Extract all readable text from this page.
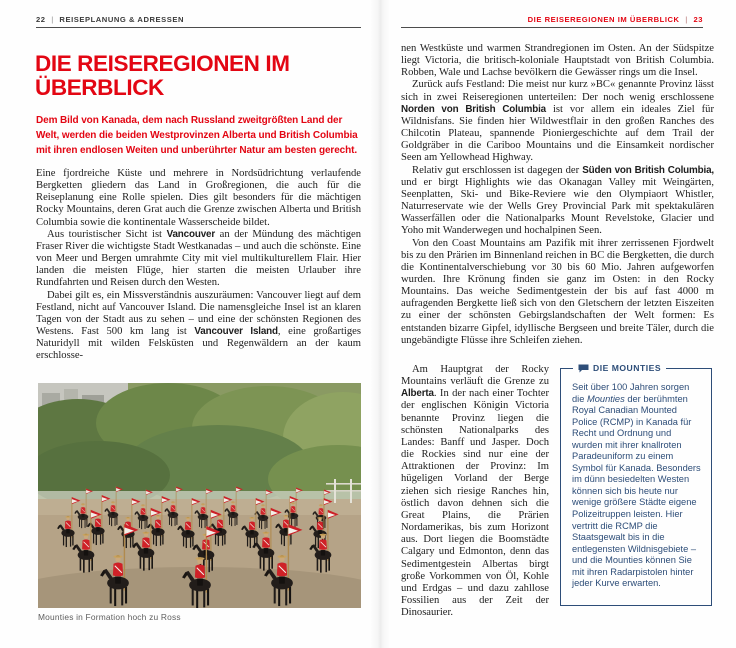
22 | REISEPLANUNG & ADRESSEN	DIE REISEREGIONEN IM ÜBERBLICK | 23
DIE REISEREGIONEN IM
ÜBERBLICK

Dem Bild von Kanada, dem nach Russland zweitgrößten Land der Welt, werden die beiden Westprovinzen Alberta und British Columbia mit ihren endlosen Weiten und unberührter Natur am besten gerecht.

Eine fjordreiche Küste und mehrere in Nordsüdrichtung verlaufende Bergketten gliedern das Land in Großregionen, die auch für die Reiseplanung eine Rolle spielen. Dies gilt besonders für die mächtigen Rocky Mountains, deren Grat auch die Grenze zwischen Alberta und British Columbia sowie die kontinentale Wasserscheide bildet.

Aus touristischer Sicht ist Vancouver an der Mündung des mächtigen Fraser River die wichtigste Stadt Westkanadas – und auch die schönste. Eine von Meer und Bergen umrahmte City mit viel multikulturellem Flair. Hier landen die meisten Flüge, hier starten die meisten Urlauber ihre Rundfahrten und Reisen durch den Westen.

Dabei gilt es, ein Missverständnis auszuräumen: Vancouver liegt auf dem Festland, nicht auf Vancouver Island. Die namensgleiche Insel ist an klaren Tagen von der Stadt aus zu sehen – und eine der schönsten Regionen des Westens. Fast 500 km lang ist Vancouver Island, eine großartiges Naturidyll mit wilden Felsküsten und Regenwäldern an der kaum erschlosse-

Mounties in Formation hoch zu Ross

nen Westküste und warmen Strandregionen im Osten. An der Südspitze liegt Victoria, die britisch-koloniale Hauptstadt von British Columbia. Robben, Wale und Lachse bevölkern die Gewässer rings um die Insel.

Zurück aufs Festland: Die meist nur kurz »BC« genannte Provinz lässt sich in zwei Reiseregionen unterteilen: Der noch wenig erschlossene Norden von British Columbia ist vor allem ein ideales Ziel für Wildnisfans. Sie finden hier Wildwestflair in den großen Ranches des Chilcotin Plateau, spannende Pioniergeschichte auf dem Trail der Goldgräber in die Cariboo Mountains und die Einsamkeit nordischer Seen am Yellowhead Highway.

Relativ gut erschlossen ist dagegen der Süden von British Columbia, und er birgt Highlights wie das Okanagan Valley mit Weingärten, Seenplatten, Ski- und Bike-Reviere wie den Olympiaort Whistler, Naturreservate wie der Wells Grey Provincial Park mit spektakulären Wasserfällen oder die Nationalparks Mount Revelstoke, Glacier und Yoho mit Wanderwegen und hochalpinen Seen.

Von den Coast Mountains am Pazifik mit ihrer zerrissenen Fjordwelt bis zu den Prärien im Binnenland reichen in BC die Bergketten, die durch die Kontinentalverschiebung vor 30 bis 60 Mio. Jahren aufgeworfen wurden. Ihre Krönung finden sie ganz im Osten: in den Rocky Mountains. Das weiche Sedimentgestein der bis auf fast 4000 m aufragenden Bergkette ließ sich von den Gletschern der letzten Eiszeiten zu einer der schönsten Gebirgslandschaften der Welt formen: Es entstanden bizarre Gipfel, idyllische Bergseen und breite Täler, durch die ungebändigte Flüsse ihre Schleifen ziehen.

Am Hauptgrat der Rocky Mountains verläuft die Grenze zu Alberta. In der nach einer Tochter der englischen Königin Victoria benannte Provinz liegen die schönsten Nationalparks des Landes: Banff und Jasper. Doch die Rockies sind nur eine der Attraktionen der Provinz: Im hügeligen Vorland der Berge ziehen sich riesige Ranches hin, östlich davon dehnen sich die Great Plains, die Prärien Nordamerikas, bis zum Horizont aus. Dort liegen die Boomstädte Calgary und Edmonton, denn das Sedimentgestein Albertas birgt große Vorkommen von Öl, Kohle und Erdgas – und dazu zahllose Fossilien aus der Zeit der Dinosaurier.

DIE MOUNTIES
Seit über 100 Jahren sorgen die Mounties der berühmten Royal Canadian Mounted Police (RCMP) in Kanada für Recht und Ordnung und wurden mit ihrer knallroten Paradeuniform zu einem Symbol für Kanada. Besonders im dünn besiedelten Westen können sich bis heute nur wenige größere Städte eigene Polizeitruppen leisten. Hier vertritt die RCMP die Staatsgewalt bis in die entlegensten Wildnisgebiete – und die Mounties können Sie mit ihren Radarpistolen hinter jeder Kurve erwarten.
